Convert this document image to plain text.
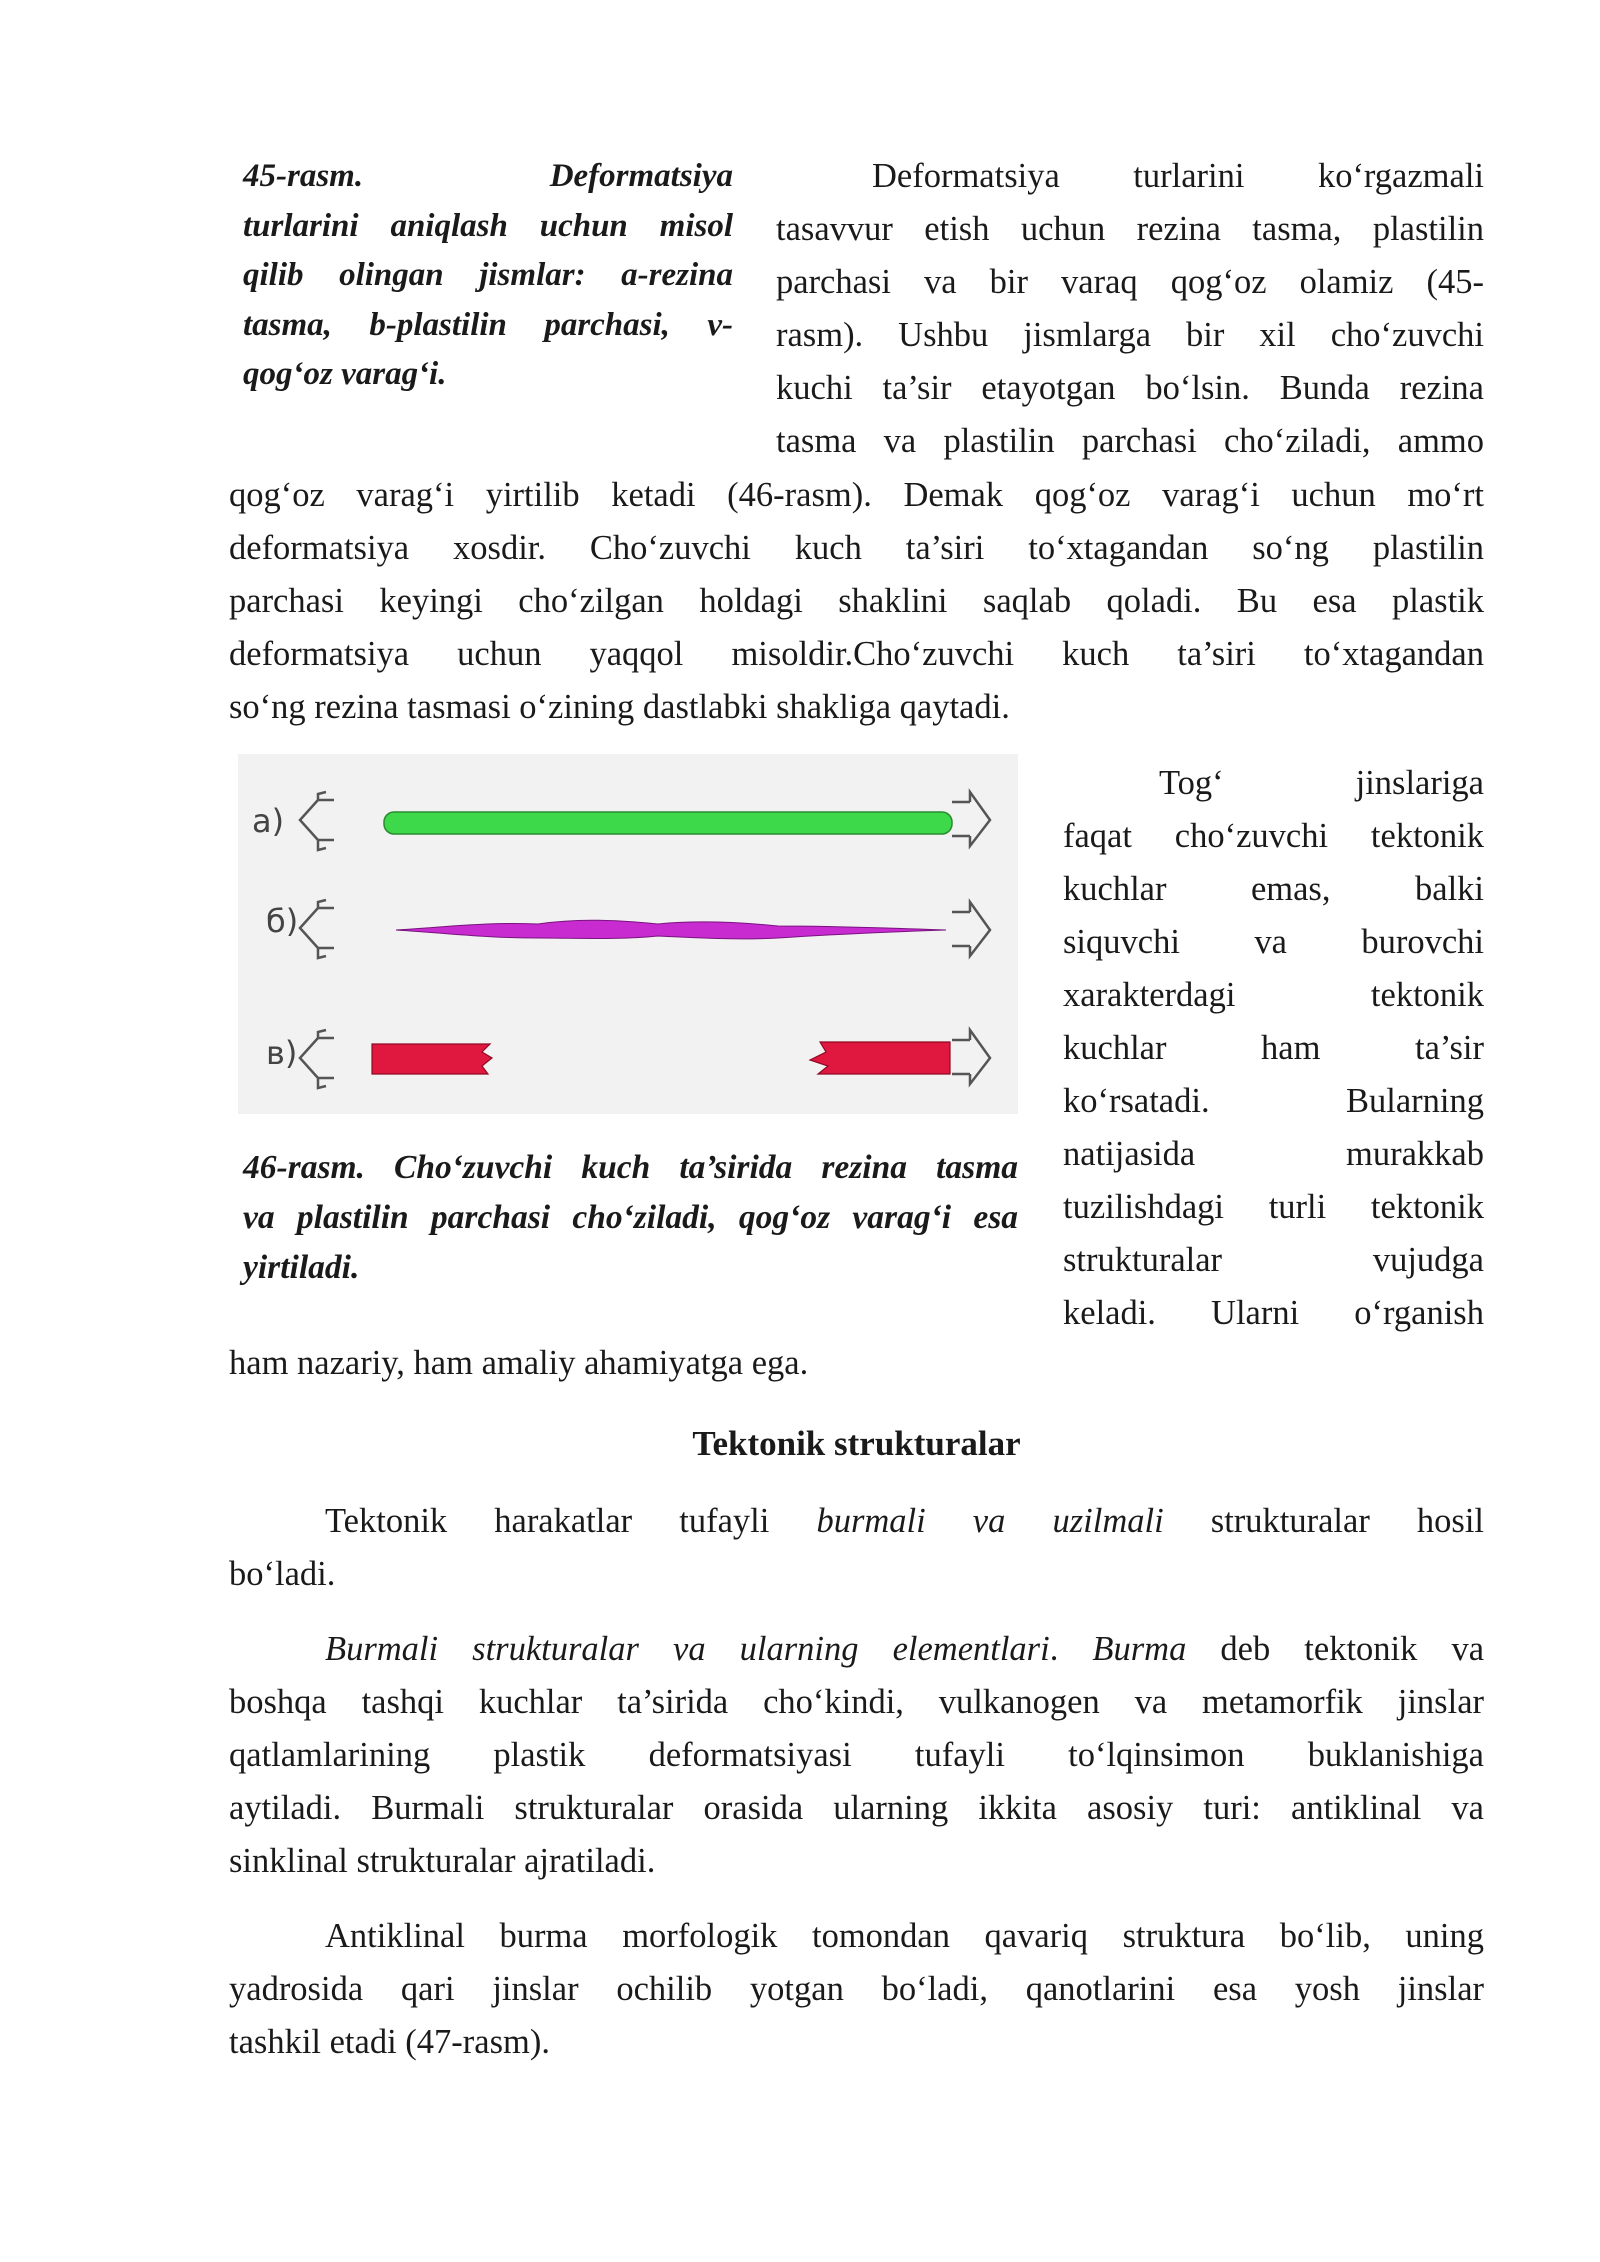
45-rasm.	Deformatsiya
turlarini aniqlash uchun misol
qilib olingan jismlar: a-rezina
tasma, b-plastilin parchasi, v-
qog‘oz varag‘i.
Deformatsiya turlarini ko‘rgazmali
tasavvur etish uchun rezina tasma, plastilin
parchasi va bir varaq qog‘oz olamiz (45-
rasm). Ushbu jismlarga bir xil cho‘zuvchi
kuchi ta’sir etayotgan bo‘lsin. Bunda rezina
tasma va plastilin parchasi cho‘ziladi, ammo
qog‘oz varag‘i yirtilib ketadi (46-rasm). Demak qog‘oz varag‘i uchun mo‘rt
deformatsiya xosdir. Cho‘zuvchi kuch ta’siri to‘xtagandan so‘ng plastilin
parchasi keyingi cho‘zilgan holdagi shaklini saqlab qoladi. Bu esa plastik
deformatsiya uchun yaqqol misoldir.Cho‘zuvchi kuch ta’siri to‘xtagandan
so‘ng rezina tasmasi o‘zining dastlabki shakliga qaytadi.
а)
б)
в)
46-rasm. Cho‘zuvchi kuch ta’sirida rezina tasma
va plastilin parchasi cho‘ziladi, qog‘oz varag‘i esa
yirtiladi.
Tog‘	jinslariga
faqat cho‘zuvchi tektonik
kuchlar emas, balki
siquvchi va burovchi
xarakterdagi tektonik
kuchlar ham ta’sir
ko‘rsatadi. Bularning
natijasida murakkab
tuzilishdagi turli tektonik
strukturalar vujudga
keladi. Ularni o‘rganish
ham nazariy, ham amaliy ahamiyatga ega.
Tektonik strukturalar
Tektonik harakatlar tufayli burmali va uzilmali strukturalar hosil
bo‘ladi.
Burmali strukturalar va ularning elementlari. Burma deb tektonik va
boshqa tashqi kuchlar ta’sirida cho‘kindi, vulkanogen va metamorfik jinslar
qatlamlarining plastik deformatsiyasi tufayli to‘lqinsimon buklanishiga
aytiladi. Burmali strukturalar orasida ularning ikkita asosiy turi: antiklinal va
sinklinal strukturalar ajratiladi.
Antiklinal burma morfologik tomondan qavariq struktura bo‘lib, uning
yadrosida qari jinslar ochilib yotgan bo‘ladi, qanotlarini esa yosh jinslar
tashkil etadi (47-rasm).
